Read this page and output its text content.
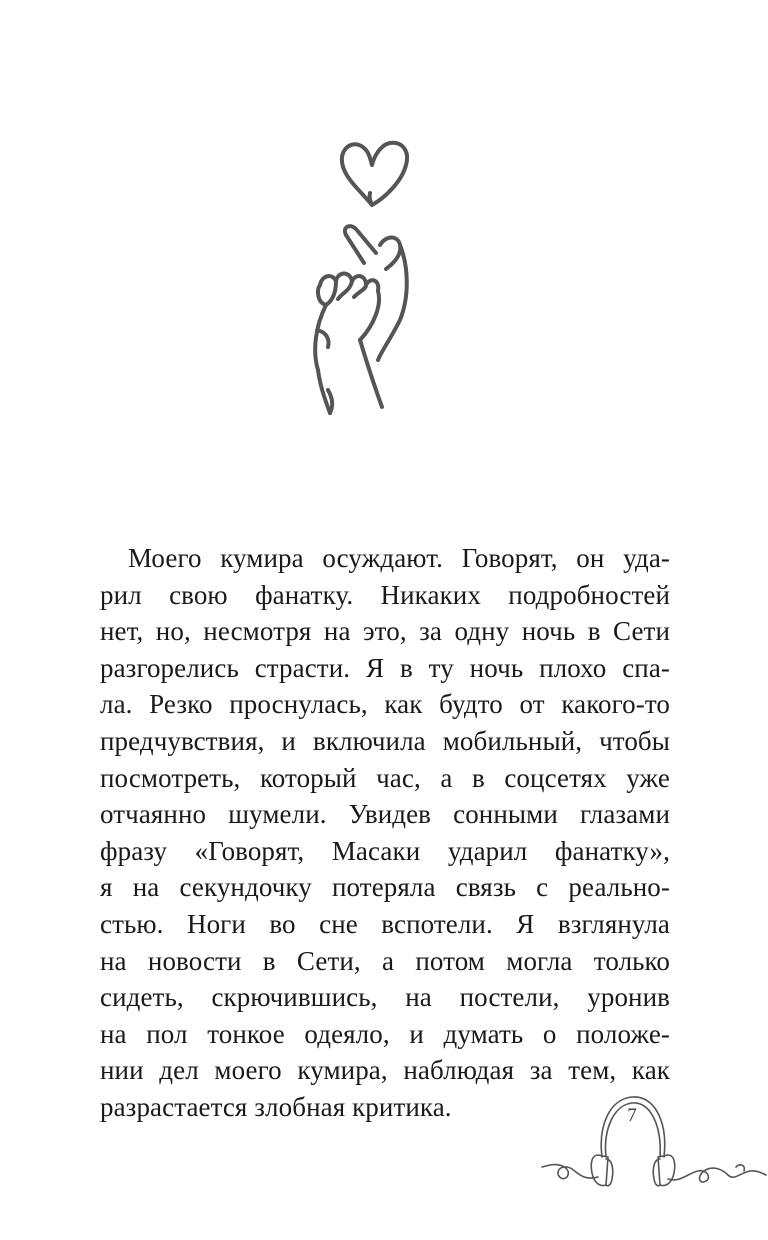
Моего кумира осуждают. Говорят, он уда-
рил свою фанатку. Никаких подробностей
нет, но, несмотря на это, за одну ночь в Сети
разгорелись страсти. Я в ту ночь плохо спа-
ла. Резко проснулась, как будто от какого-то
предчувствия, и включила мобильный, чтобы
посмотреть, который час, а в соцсетях уже
отчаянно шумели. Увидев сонными глазами
фразу «Говорят, Масаки ударил фанатку»,
я на секундочку потеряла связь с реально-
стью. Ноги во сне вспотели. Я взглянула
на новости в Сети, а потом могла только
сидеть, скрючившись, на постели, уронив
на пол тонкое одеяло, и думать о положе-
нии дел моего кумира, наблюдая за тем, как
разрастается злобная критика.	7
